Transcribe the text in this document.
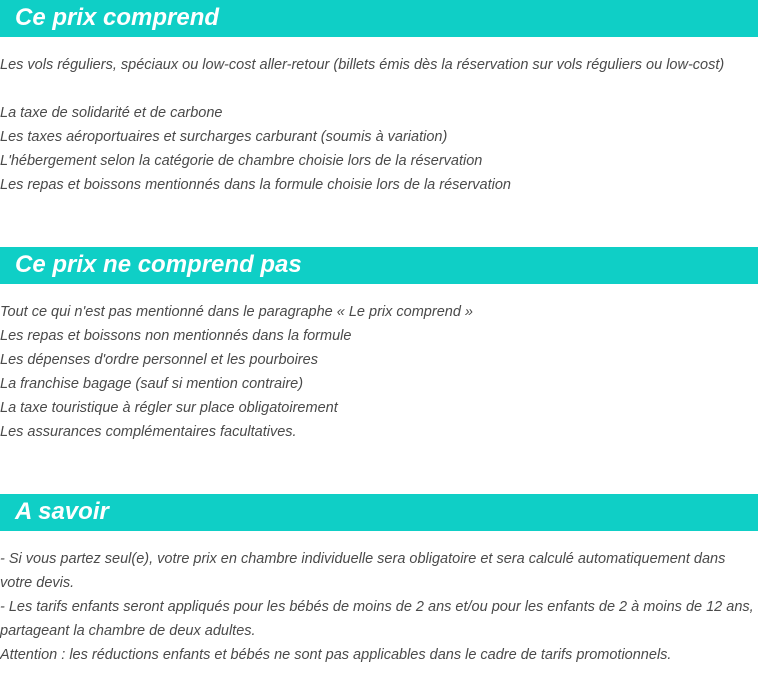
Ce prix comprend
Les vols réguliers, spéciaux ou low-cost aller-retour (billets émis dès la réservation sur vols réguliers ou low-cost)
La taxe de solidarité et de carbone
Les taxes aéroportuaires et surcharges carburant (soumis à variation)
L'hébergement selon la catégorie de chambre choisie lors de la réservation
Les repas et boissons mentionnés dans la formule choisie lors de la réservation
Ce prix ne comprend pas
Tout ce qui n'est pas mentionné dans le paragraphe « Le prix comprend »
Les repas et boissons non mentionnés dans la formule
Les dépenses d'ordre personnel et les pourboires
La franchise bagage (sauf si mention contraire)
La taxe touristique à régler sur place obligatoirement
Les assurances complémentaires facultatives.
A savoir
- Si vous partez seul(e), votre prix en chambre individuelle sera obligatoire et sera calculé automatiquement dans votre devis.
- Les tarifs enfants seront appliqués pour les bébés de moins de 2 ans et/ou pour les enfants de 2 à moins de 12 ans, partageant la chambre de deux adultes.
Attention : les réductions enfants et bébés ne sont pas applicables dans le cadre de tarifs promotionnels.
